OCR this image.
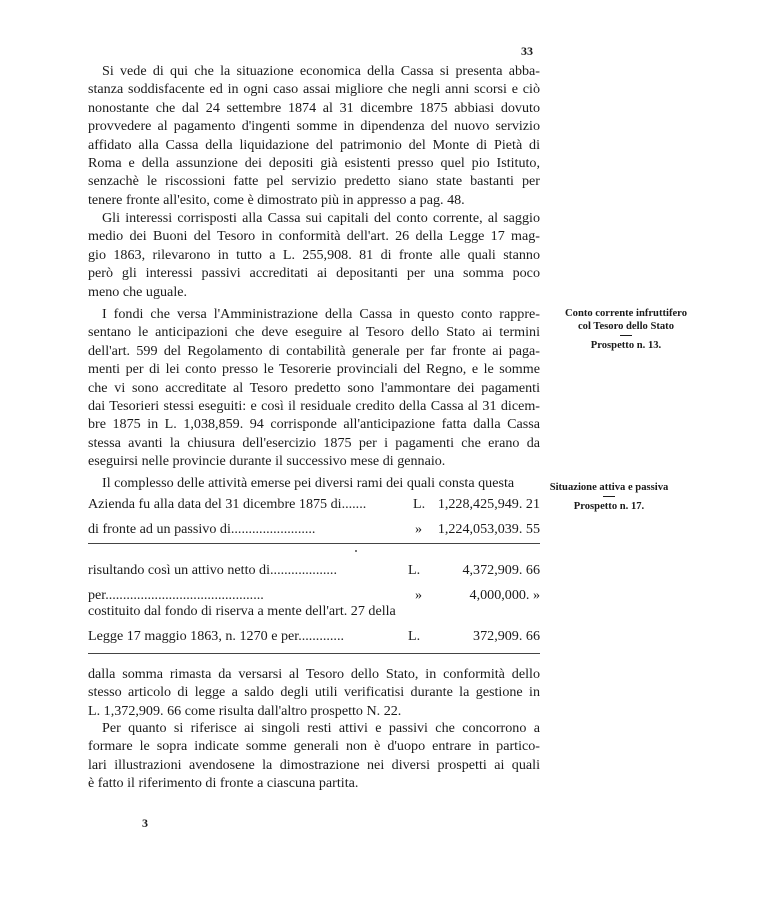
33

Si vede di qui che la situazione economica della Cassa si presenta abba-
stanza soddisfacente ed in ogni caso assai migliore che negli anni scorsi e ciò
nonostante che dal 24 settembre 1874 al 31 dicembre 1875 abbiasi dovuto
provvedere al pagamento d'ingenti somme in dipendenza del nuovo servizio
affidato alla Cassa della liquidazione del patrimonio del Monte di Pietà di
Roma e della assunzione dei depositi già esistenti presso quel pio Istituto,
senzachè le riscossioni fatte pel servizio predetto siano state bastanti per
tenere fronte all'esito, come è dimostrato più in appresso a pag. 48.

Gli interessi corrisposti alla Cassa sui capitali del conto corrente, al saggio
medio dei Buoni del Tesoro in conformità dell'art. 26 della Legge 17 mag-
gio 1863, rilevarono in tutto a L. 255,908. 81 di fronte alle quali stanno
però gli interessi passivi accreditati ai depositanti per una somma poco
meno che uguale.

I fondi che versa l'Amministrazione della Cassa in questo conto rappre-
sentano le anticipazioni che deve eseguire al Tesoro dello Stato ai termini
dell'art. 599 del Regolamento di contabilità generale per far fronte ai paga-
menti per di lei conto presso le Tesorerie provinciali del Regno, e le somme
che vi sono accreditate al Tesoro predetto sono l'ammontare dei pagamenti
dai Tesorieri stessi eseguiti: e così il residuale credito della Cassa al 31 dicem-
bre 1875 in L. 1,038,859. 94 corrisponde all'anticipazione fatta dalla Cassa
stessa avanti la chiusura dell'esercizio 1875 per i pagamenti che erano da
eseguirsi nelle provincie durante il successivo mese di gennaio.

Conto corrente infruttifero
col Tesoro dello Stato
Prospetto n. 13.

Il complesso delle attività emerse pei diversi rami dei quali consta questa	Situazione attiva e passiva
Prospetto n. 17.
Azienda fu alla data del 31 dicembre 1875 di.......	L. 1,228,425,949. 21
di fronte ad un passivo di........................	» 1,224,053,039. 55
risultando così un attivo netto di...................	L.	4,372,909. 66
per.............................................	»	4,000,000. »
costituito dal fondo di riserva a mente dell'art. 27 della
Legge 17 maggio 1863, n. 1270 e per.............	L.	372,909. 66

dalla somma rimasta da versarsi al Tesoro dello Stato, in conformità dello
stesso articolo di legge a saldo degli utili verificatisi durante la gestione in
L. 1,372,909. 66 come risulta dall'altro prospetto N. 22.

Per quanto si riferisce ai singoli resti attivi e passivi che concorrono a
formare le sopra indicate somme generali non è d'uopo entrare in partico-
lari illustrazioni avendosene la dimostrazione nei diversi prospetti ai quali
è fatto il riferimento di fronte a ciascuna partita.

3
